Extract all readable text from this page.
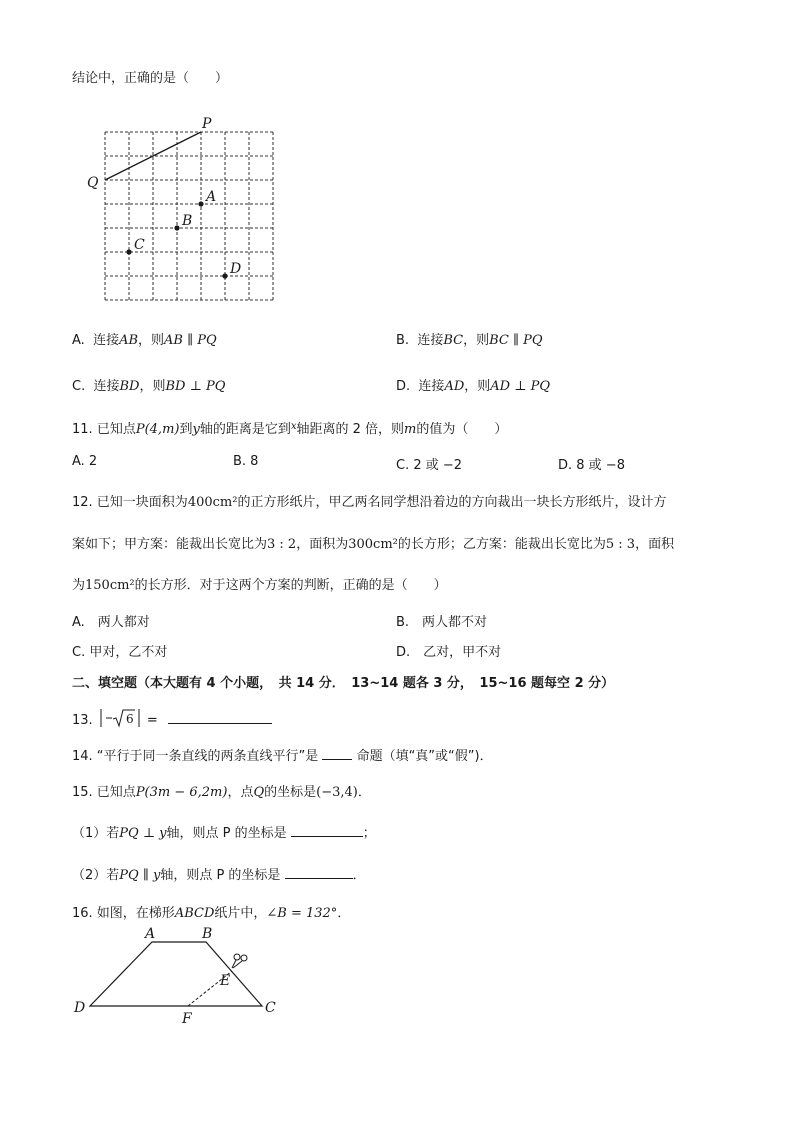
结论中，正确的是（　　）
P
Q
A
B
C
D
A. 连接AB，则AB ∥ PQ	B. 连接BC，则BC ∥ PQ
C. 连接BD，则BD ⊥ PQ	D. 连接AD，则AD ⊥ PQ
11. 已知点P(4,m)到y轴的距离是它到$^x$轴距离的 2 倍，则m的值为（　　）
A. 2	B. 8	C. 2 或 −2	D. 8 或 −8
12. 已知一块面积为400cm²的正方形纸片，甲乙两名同学想沿着边的方向裁出一块长方形纸片，设计方
案如下；甲方案：能裁出长宽比为3 : 2，面积为300cm²的长方形；乙方案：能裁出长宽比为5 : 3，面积
为150cm²的长方形．对于这两个方案的判断，正确的是（　　）
A.　两人都对	B.　两人都不对
C. 甲对，乙不对	D.　乙对，甲不对
二、填空题（本大题有 4 个小题，　共 14 分．　13~14 题各 3 分，　15~16 题每空 2 分）
13.	6 =
14. “平行于同一条直线的两条直线平行”是	命题（填“真”或“假”)．
15. 已知点P(3m − 6,2m)，点Q的坐标是(−3,4)．
（1）若PQ ⊥ y轴，则点 P 的坐标是	；
（2）若PQ ∥ y轴，则点 P 的坐标是	．
16. 如图，在梯形ABCD纸片中，∠B = 132°．
A	B
C
D
E
F
